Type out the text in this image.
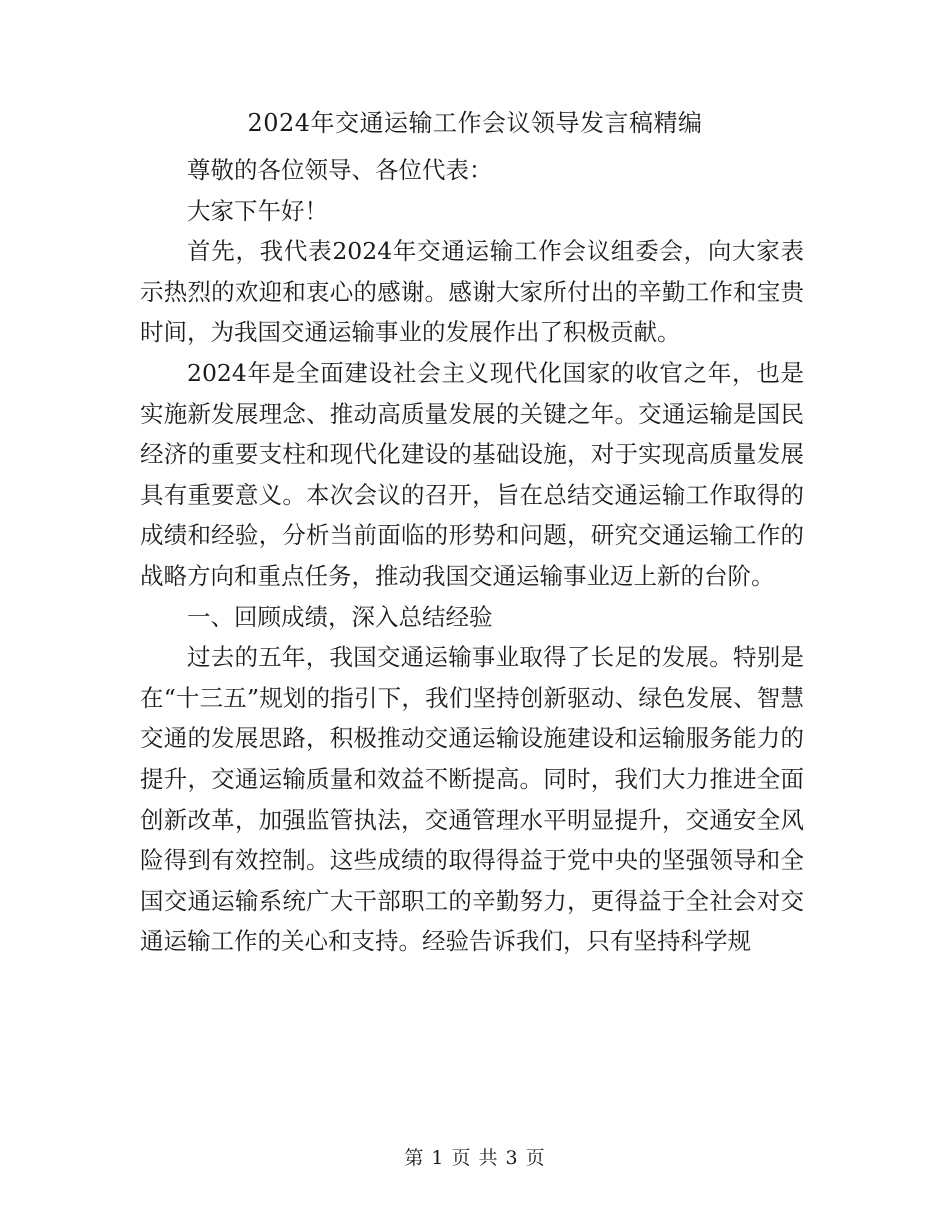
2024年交通运输工作会议领导发言稿精编

尊敬的各位领导、各位代表：

大家下午好！

首先，我代表2024年交通运输工作会议组委会，向大家表示热烈的欢迎和衷心的感谢。感谢大家所付出的辛勤工作和宝贵时间，为我国交通运输事业的发展作出了积极贡献。

2024年是全面建设社会主义现代化国家的收官之年，也是实施新发展理念、推动高质量发展的关键之年。交通运输是国民经济的重要支柱和现代化建设的基础设施，对于实现高质量发展具有重要意义。本次会议的召开，旨在总结交通运输工作取得的成绩和经验，分析当前面临的形势和问题，研究交通运输工作的战略方向和重点任务，推动我国交通运输事业迈上新的台阶。

一、回顾成绩，深入总结经验

过去的五年，我国交通运输事业取得了长足的发展。特别是在“十三五”规划的指引下，我们坚持创新驱动、绿色发展、智慧交通的发展思路，积极推动交通运输设施建设和运输服务能力的提升，交通运输质量和效益不断提高。同时，我们大力推进全面创新改革，加强监管执法，交通管理水平明显提升，交通安全风险得到有效控制。这些成绩的取得得益于党中央的坚强领导和全国交通运输系统广大干部职工的辛勤努力，更得益于全社会对交通运输工作的关心和支持。经验告诉我们，只有坚持科学规

第 1 页 共 3 页
